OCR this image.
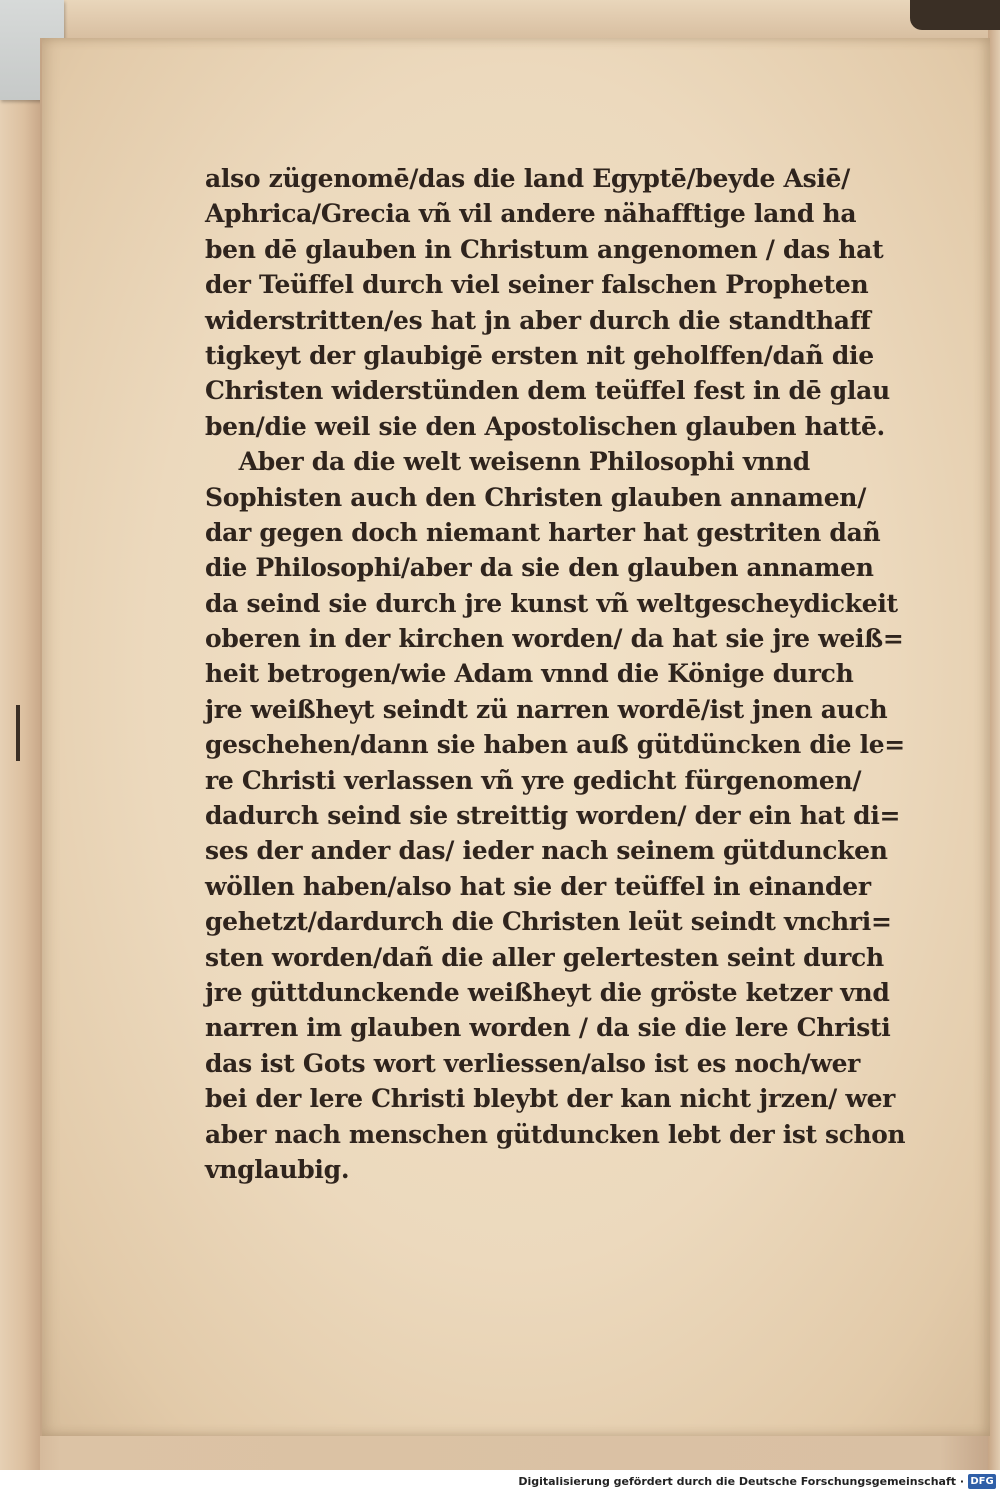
also zügenomē/das die land Egyptē/beyde Asiē/
Aphrica/Grecia vñ vil andere nähafftige land ha
ben dē glauben in Christum angenomen / das hat
der Teüffel durch viel seiner falschen Propheten
widerstritten/es hat jn aber durch die standthaff
tigkeyt der glaubigē ersten nit geholffen/dañ die
Christen widerstünden dem teüffel fest in dē glau
ben/die weil sie den Apostolischen glauben hattē.
Aber da die welt weisenn Philosophi vnnd
Sophisten auch den Christen glauben annamen/
dar gegen doch niemant harter hat gestriten dañ
die Philosophi/aber da sie den glauben annamen
da seind sie durch jre kunst vñ weltgescheydickeit
oberen in der kirchen worden/ da hat sie jre weiß=
heit betrogen/wie Adam vnnd die Könige durch
jre weißheyt seindt zü narren wordē/ist jnen auch
geschehen/dann sie haben auß gütdüncken die le=
re Christi verlassen vñ yre gedicht fürgenomen/
dadurch seind sie streittig worden/ der ein hat di=
ses der ander das/ ieder nach seinem gütduncken
wöllen haben/also hat sie der teüffel in einander
gehetzt/dardurch die Christen leüt seindt vnchri=
sten worden/dañ die aller gelertesten seint durch
jre güttdunckende weißheyt die gröste ketzer vnd
narren im glauben worden / da sie die lere Christi
das ist Gots wort verliessen/also ist es noch/wer
bei der lere Christi bleybt der kan nicht jrzen/ wer
aber nach menschen gütduncken lebt der ist schon
vnglaubig.
Digitalisierung gefördert durch die Deutsche Forschungsgemeinschaft · DFG
